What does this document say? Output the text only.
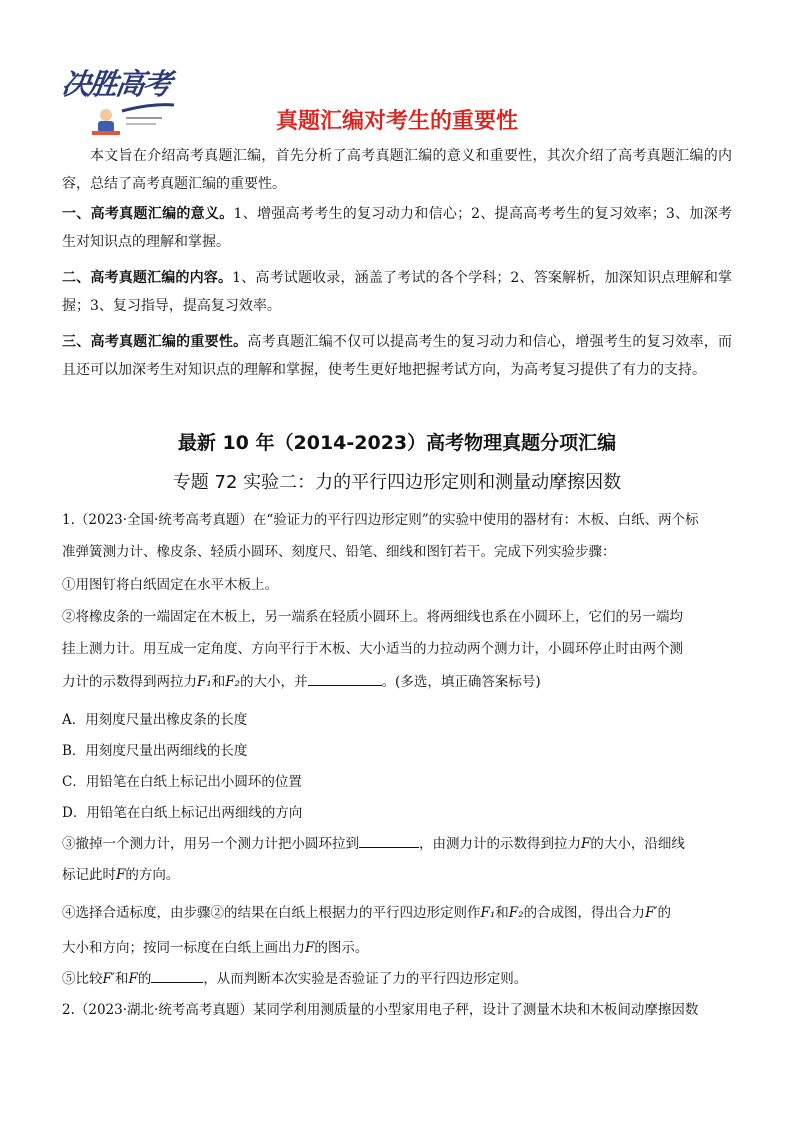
决胜高考
真题汇编对考生的重要性
本文旨在介绍高考真题汇编，首先分析了高考真题汇编的意义和重要性，其次介绍了高考真题汇编的内容，总结了高考真题汇编的重要性。
一、高考真题汇编的意义。1、增强高考考生的复习动力和信心；2、提高高考考生的复习效率；3、加深考生对知识点的理解和掌握。
二、高考真题汇编的内容。1、高考试题收录，涵盖了考试的各个学科；2、答案解析，加深知识点理解和掌握；3、复习指导，提高复习效率。
三、高考真题汇编的重要性。高考真题汇编不仅可以提高考生的复习动力和信心，增强考生的复习效率，而且还可以加深考生对知识点的理解和掌握，使考生更好地把握考试方向，为高考复习提供了有力的支持。
最新 10 年（2014-2023）高考物理真题分项汇编
专题 72 实验二：力的平行四边形定则和测量动摩擦因数
1.（2023·全国·统考高考真题）在“验证力的平行四边形定则”的实验中使用的器材有：木板、白纸、两个标
准弹簧测力计、橡皮条、轻质小圆环、刻度尺、铅笔、细线和图钉若干。完成下列实验步骤：
①用图钉将白纸固定在水平木板上。
②将橡皮条的一端固定在木板上，另一端系在轻质小圆环上。将两细线也系在小圆环上，它们的另一端均
挂上测力计。用互成一定角度、方向平行于木板、大小适当的力拉动两个测力计，小圆环停止时由两个测
力计的示数得到两拉力F₁和F₂的大小，并	。(多选，填正确答案标号)
A．用刻度尺量出橡皮条的长度
B．用刻度尺量出两细线的长度
C．用铅笔在白纸上标记出小圆环的位置
D．用铅笔在白纸上标记出两细线的方向
③撤掉一个测力计，用另一个测力计把小圆环拉到	，由测力计的示数得到拉力F的大小，沿细线
标记此时F的方向。
④选择合适标度，由步骤②的结果在白纸上根据力的平行四边形定则作F₁和F₂的合成图，得出合力F′的
大小和方向；按同一标度在白纸上画出力F的图示。
⑤比较F′和F的	，从而判断本次实验是否验证了力的平行四边形定则。
2.（2023·湖北·统考高考真题）某同学利用测质量的小型家用电子秤，设计了测量木块和木板间动摩擦因数
